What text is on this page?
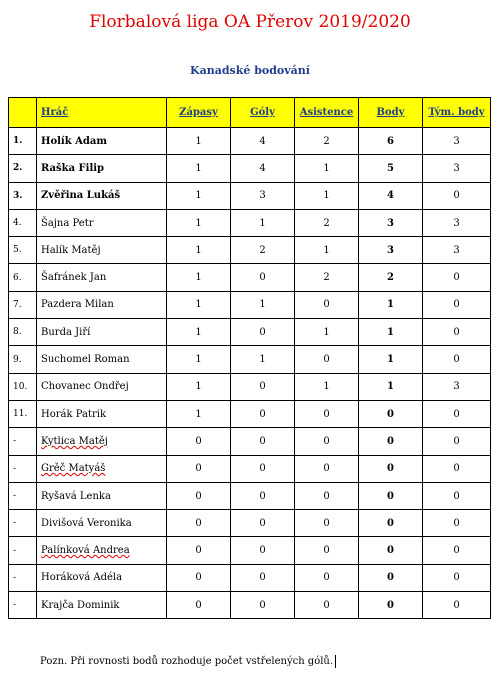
Florbalová liga OA Přerov 2019/2020
Kanadské bodování
	Hráč	Zápasy	Góly	Asistence	Body	Tým. body
1.	Holík Adam	1	4	2	6	3
2.	Raška Filip	1	4	1	5	3
3.	Zvěřina Lukáš	1	3	1	4	0
4.	Šajna Petr	1	1	2	3	3
5.	Halík Matěj	1	2	1	3	3
6.	Šafránek Jan	1	0	2	2	0
7.	Pazdera Milan	1	1	0	1	0
8.	Burda Jiří	1	0	1	1	0
9.	Suchomel Roman	1	1	0	1	0
10.	Chovanec Ondřej	1	0	1	1	3
11.	Horák Patrik	1	0	0	0	0
-	Kytlica Matěj	0	0	0	0	0
-	Grěč Matyáš	0	0	0	0	0
-	Ryšavá Lenka	0	0	0	0	0
-	Divišová Veronika	0	0	0	0	0
-	Palínková Andrea	0	0	0	0	0
-	Horáková Adéla	0	0	0	0	0
-	Krajča Dominik	0	0	0	0	0
Pozn. Při rovnosti bodů rozhoduje počet vstřelených gólů.
